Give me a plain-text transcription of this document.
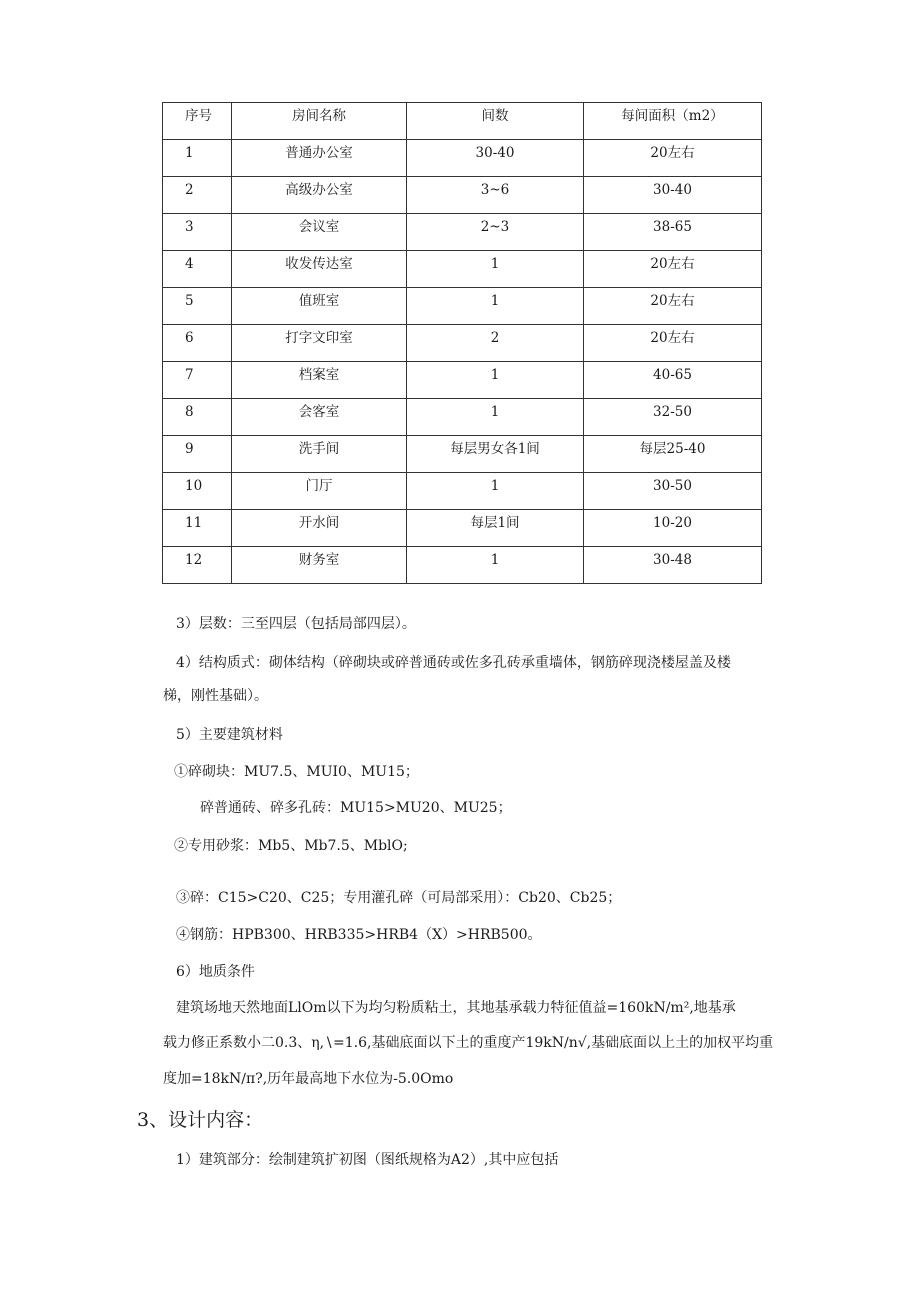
序号	房间名称	间数	每间面积（m2）

1	普通办公室	30-40	20左右

2	高级办公室	3~6	30-40

3	会议室	2~3	38-65

4	收发传达室	1	20左右

5	值班室	1	20左右

6	打字文印室	2	20左右

7	档案室	1	40-65

8	会客室	1	32-50

9	洗手间	每层男女各1间	每层25-40

10	门厅	1	30-50

11	开水间	每层1间	10-20

12	财务室	1	30-48
3）层数：三至四层（包括局部四层）。
4）结构质式：砌体结构（碎砌块或碎普通砖或佐多孔砖承重墙体，钢筋碎现浇楼屋盖及楼
梯，刚性基础）。
5）主要建筑材料
①碎砌块：MU7.5、MUI0、MU15；
碎普通砖、碎多孔砖：MU15>MU20、MU25；
②专用砂浆：Mb5、Mb7.5、MblO;
③碎：C15>C20、C25；专用灌孔碎（可局部采用）：Cb20、Cb25；
④钢筋：HPB300、HRB335>HRB4（X）>HRB500。
6）地质条件
建筑场地天然地面LlOm以下为均匀粉质粘土，其地基承载力特征值益=160kN∕m²,地基承
载力修正系数小二0.3、η,∖=1.6,基础底面以下土的重度产19kN∕n√,基础底面以上土的加权平均重
度加=18kN∕π?,历年最高地下水位为-5.0Omo
3、设计内容：
1）建筑部分：绘制建筑扩初图（图纸规格为A2）,其中应包括
